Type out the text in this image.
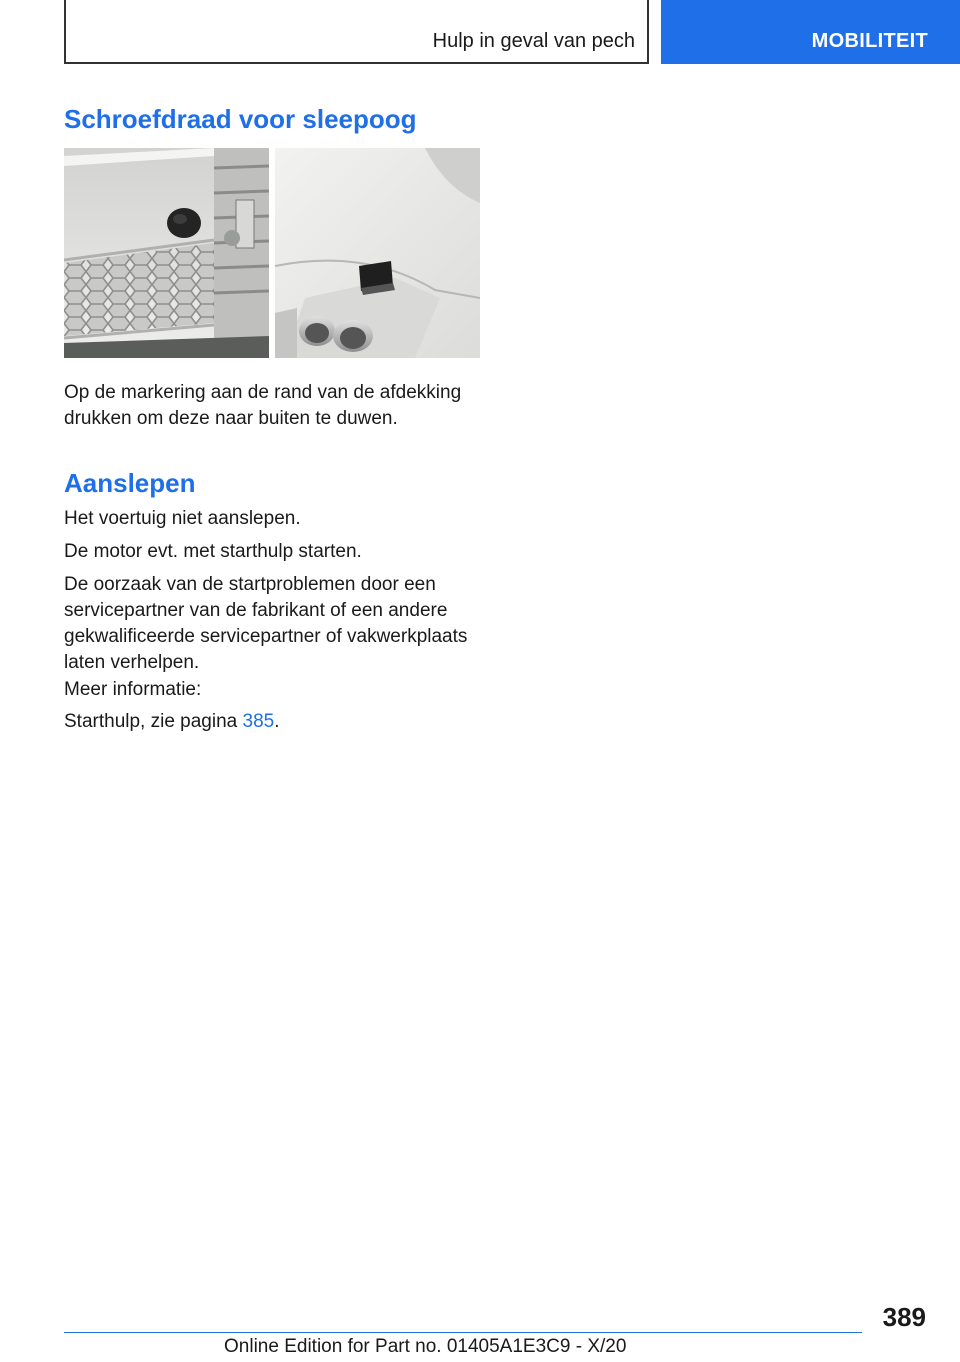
Hulp in geval van pech	MOBILITEIT
Schroefdraad voor sleepoog

Op de markering aan de rand van de afdekking drukken om deze naar buiten te duwen.

Aanslepen

Het voertuig niet aanslepen.

De motor evt. met starthulp starten.

De oorzaak van de startproblemen door een servicepartner van de fabrikant of een andere gekwalificeerde servicepartner of vakwerkplaats laten verhelpen.

Meer informatie:

Starthulp, zie pagina 385.

389
Online Edition for Part no. 01405A1E3C9 - X/20
